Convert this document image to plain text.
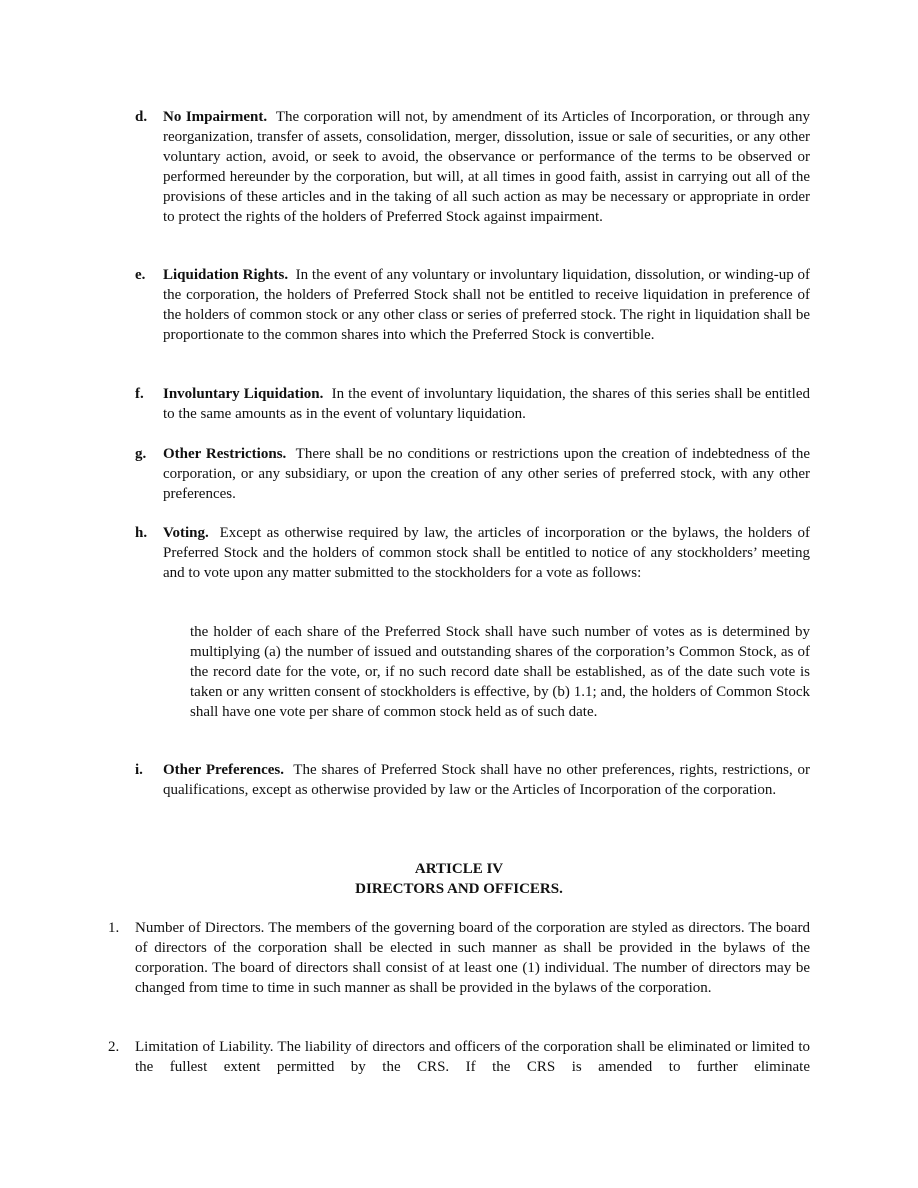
d. No Impairment. The corporation will not, by amendment of its Articles of Incorporation, or through any reorganization, transfer of assets, consolidation, merger, dissolution, issue or sale of securities, or any other voluntary action, avoid, or seek to avoid, the observance or performance of the terms to be observed or performed hereunder by the corporation, but will, at all times in good faith, assist in carrying out all of the provisions of these articles and in the taking of all such action as may be necessary or appropriate in order to protect the rights of the holders of Preferred Stock against impairment.
e. Liquidation Rights. In the event of any voluntary or involuntary liquidation, dissolution, or winding-up of the corporation, the holders of Preferred Stock shall not be entitled to receive liquidation in preference of the holders of common stock or any other class or series of preferred stock. The right in liquidation shall be proportionate to the common shares into which the Preferred Stock is convertible.
f. Involuntary Liquidation. In the event of involuntary liquidation, the shares of this series shall be entitled to the same amounts as in the event of voluntary liquidation.
g. Other Restrictions. There shall be no conditions or restrictions upon the creation of indebtedness of the corporation, or any subsidiary, or upon the creation of any other series of preferred stock, with any other preferences.
h. Voting. Except as otherwise required by law, the articles of incorporation or the bylaws, the holders of Preferred Stock and the holders of common stock shall be entitled to notice of any stockholders’ meeting and to vote upon any matter submitted to the stockholders for a vote as follows:
the holder of each share of the Preferred Stock shall have such number of votes as is determined by multiplying (a) the number of issued and outstanding shares of the corporation’s Common Stock, as of the record date for the vote, or, if no such record date shall be established, as of the date such vote is taken or any written consent of stockholders is effective, by (b) 1.1; and, the holders of Common Stock shall have one vote per share of common stock held as of such date.
i. Other Preferences. The shares of Preferred Stock shall have no other preferences, rights, restrictions, or qualifications, except as otherwise provided by law or the Articles of Incorporation of the corporation.
ARTICLE IV
DIRECTORS AND OFFICERS.
1. Number of Directors. The members of the governing board of the corporation are styled as directors. The board of directors of the corporation shall be elected in such manner as shall be provided in the bylaws of the corporation. The board of directors shall consist of at least one (1) individual. The number of directors may be changed from time to time in such manner as shall be provided in the bylaws of the corporation.
2. Limitation of Liability. The liability of directors and officers of the corporation shall be eliminated or limited to the fullest extent permitted by the CRS. If the CRS is amended to further eliminate
